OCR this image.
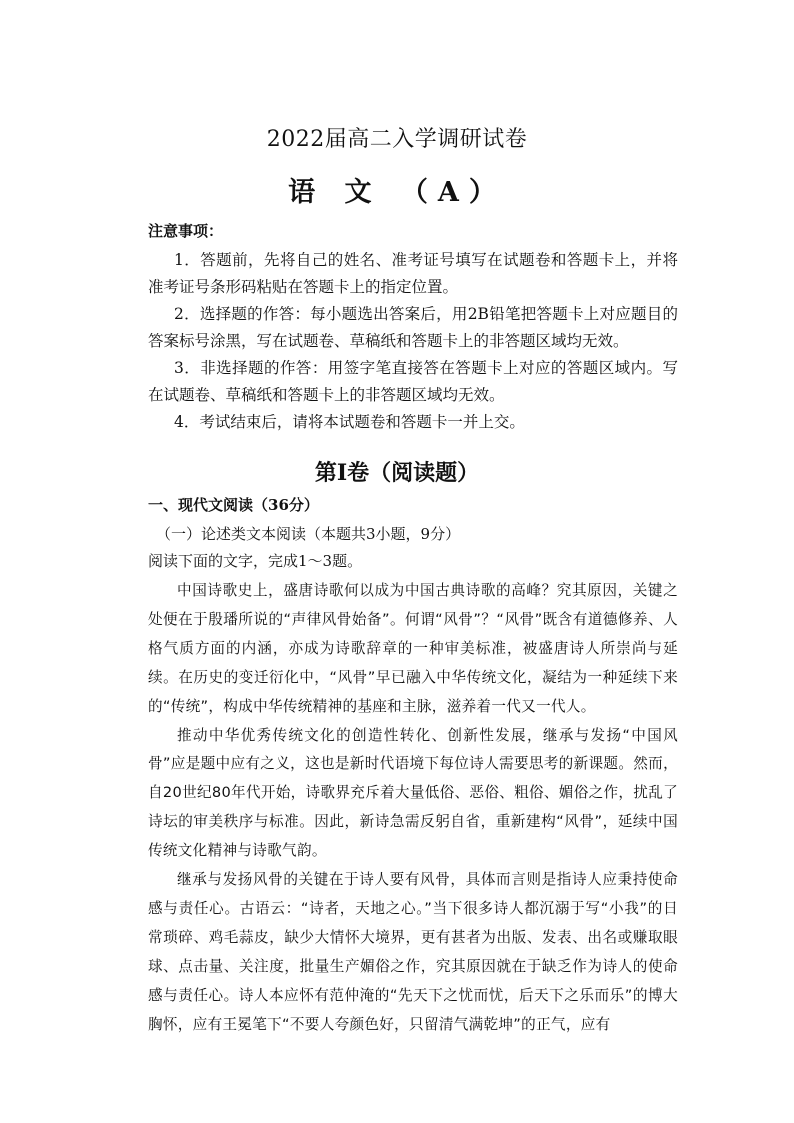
2022届高二入学调研试卷
语 文 （A）
注意事项：

1．答题前，先将自己的姓名、准考证号填写在试题卷和答题卡上，并将准考证号条形码粘贴在答题卡上的指定位置。

2．选择题的作答：每小题选出答案后，用2B铅笔把答题卡上对应题目的答案标号涂黑，写在试题卷、草稿纸和答题卡上的非答题区域均无效。

3．非选择题的作答：用签字笔直接答在答题卡上对应的答题区域内。写在试题卷、草稿纸和答题卡上的非答题区域均无效。

4．考试结束后，请将本试题卷和答题卡一并上交。

第Ⅰ卷（阅读题）
一、现代文阅读（36分）
（一）论述类文本阅读（本题共3小题，9分）
阅读下面的文字，完成1～3题。

中国诗歌史上，盛唐诗歌何以成为中国古典诗歌的高峰？究其原因，关键之处便在于殷璠所说的“声律风骨始备”。何谓“风骨”？“风骨”既含有道德修养、人格气质方面的内涵，亦成为诗歌辞章的一种审美标准，被盛唐诗人所崇尚与延续。在历史的变迁衍化中，“风骨”早已融入中华传统文化，凝结为一种延续下来的“传统”，构成中华传统精神的基座和主脉，滋养着一代又一代人。

推动中华优秀传统文化的创造性转化、创新性发展，继承与发扬“中国风骨”应是题中应有之义，这也是新时代语境下每位诗人需要思考的新课题。然而，自20世纪80年代开始，诗歌界充斥着大量低俗、恶俗、粗俗、媚俗之作，扰乱了诗坛的审美秩序与标准。因此，新诗急需反躬自省，重新建构“风骨”，延续中国传统文化精神与诗歌气韵。

继承与发扬风骨的关键在于诗人要有风骨，具体而言则是指诗人应秉持使命感与责任心。古语云：“诗者，天地之心。”当下很多诗人都沉溺于写“小我”的日常琐碎、鸡毛蒜皮，缺少大情怀大境界，更有甚者为出版、发表、出名或赚取眼球、点击量、关注度，批量生产媚俗之作，究其原因就在于缺乏作为诗人的使命感与责任心。诗人本应怀有范仲淹的“先天下之忧而忧，后天下之乐而乐”的博大胸怀，应有王冕笔下“不要人夸颜色好，只留清气满乾坤”的正气，应有
